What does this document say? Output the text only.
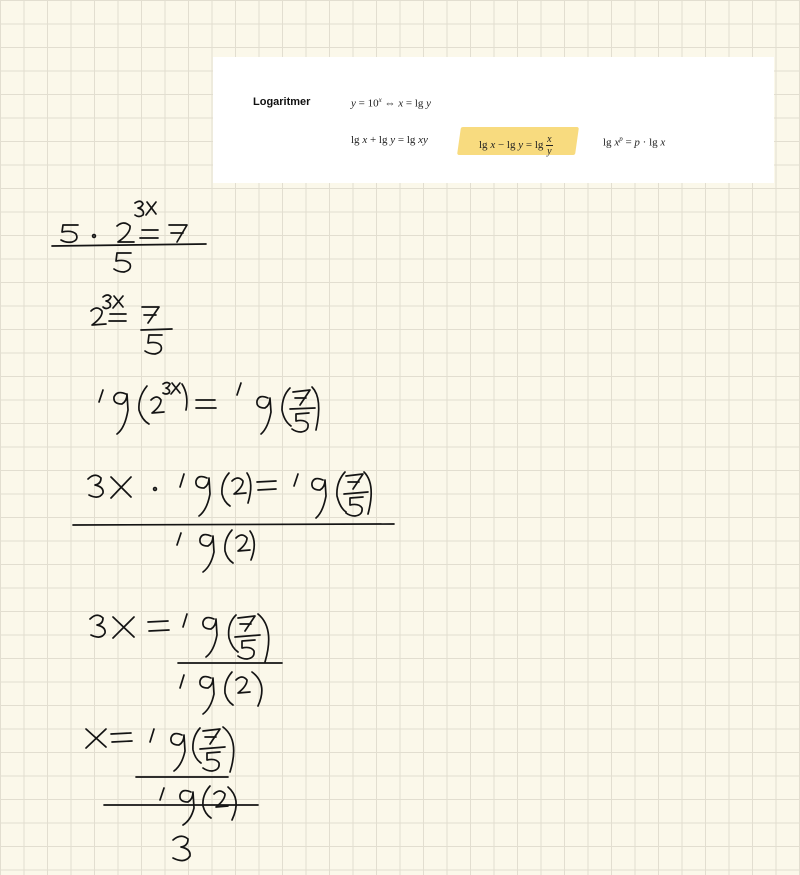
Logaritmer	$y = 10^x$ ⇔ x = lg y
lg x + lg y = lg xy	$\lg x - \lg y = \lg \frac{x}{y}$	$\lg x^p = p \cdot \lg x$
